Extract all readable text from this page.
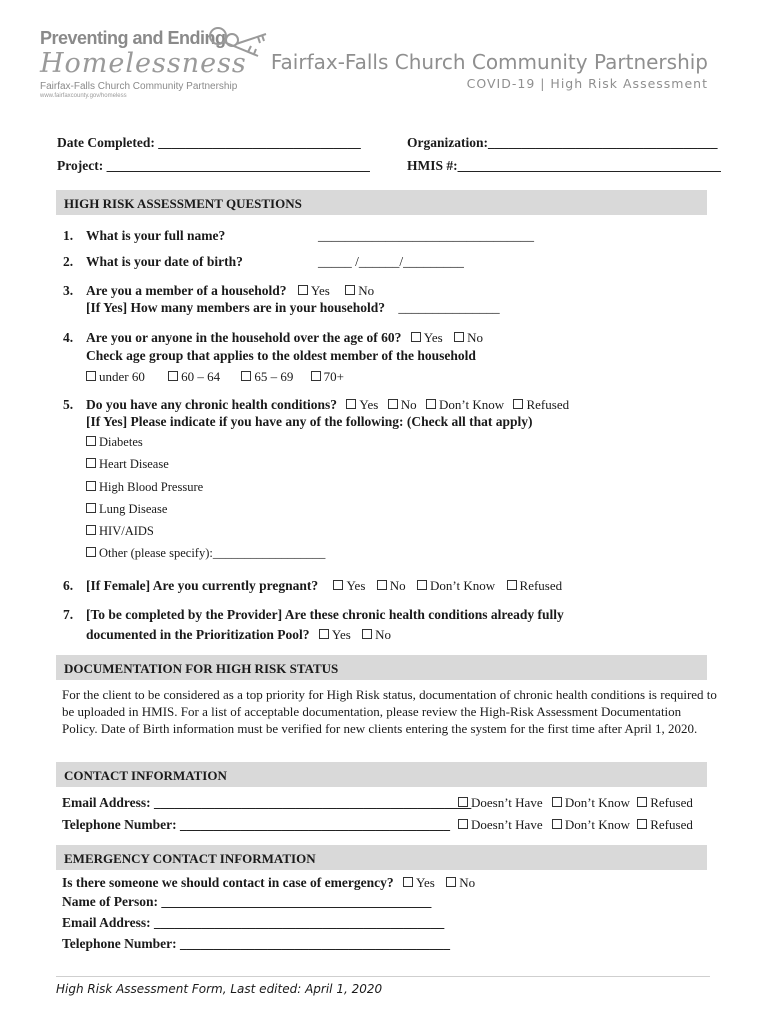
Preventing and Ending
Homelessness
Fairfax-Falls Church Community Partnership
www.fairfaxcounty.gov/homeless
Fairfax-Falls Church Community Partnership
COVID-19 | High Risk Assessment
Date Completed: ______________________________	Organization:__________________________________
Project: _______________________________________	HMIS #:_______________________________________
HIGH RISK ASSESSMENT QUESTIONS
1. What is your full name?	________________________________
2. What is your date of birth?	_____ /______/_________
3. Are you a member of a household? Yes No
[If Yes] How many members are in your household? _______________
4. Are you or anyone in the household over the age of 60? Yes No
Check age group that applies to the oldest member of the household
under 60	60 – 64	65 – 69 70+
5. Do you have any chronic health conditions? Yes No Don’t Know Refused
[If Yes] Please indicate if you have any of the following: (Check all that apply)
Diabetes
Heart Disease
High Blood Pressure
Lung Disease
HIV/AIDS
Other (please specify):__________________
6. [If Female] Are you currently pregnant? Yes No Don’t Know Refused
7. [To be completed by the Provider] Are these chronic health conditions already fully
documented in the Prioritization Pool? Yes No
DOCUMENTATION FOR HIGH RISK STATUS
For the client to be considered as a top priority for High Risk status, documentation of chronic health conditions is required to be uploaded in HMIS. For a list of acceptable documentation, please review the High-Risk Assessment Documentation Policy. Date of Birth information must be verified for new clients entering the system for the first time after April 1, 2020.
CONTACT INFORMATION
Email Address: _______________________________________________ Doesn’t Have Don’t Know Refused
Telephone Number: ________________________________________	Doesn’t Have Don’t Know Refused
EMERGENCY CONTACT INFORMATION
Is there someone we should contact in case of emergency? Yes No
Name of Person: ________________________________________
Email Address: ___________________________________________
Telephone Number: ________________________________________
High Risk Assessment Form, Last edited: April 1, 2020
